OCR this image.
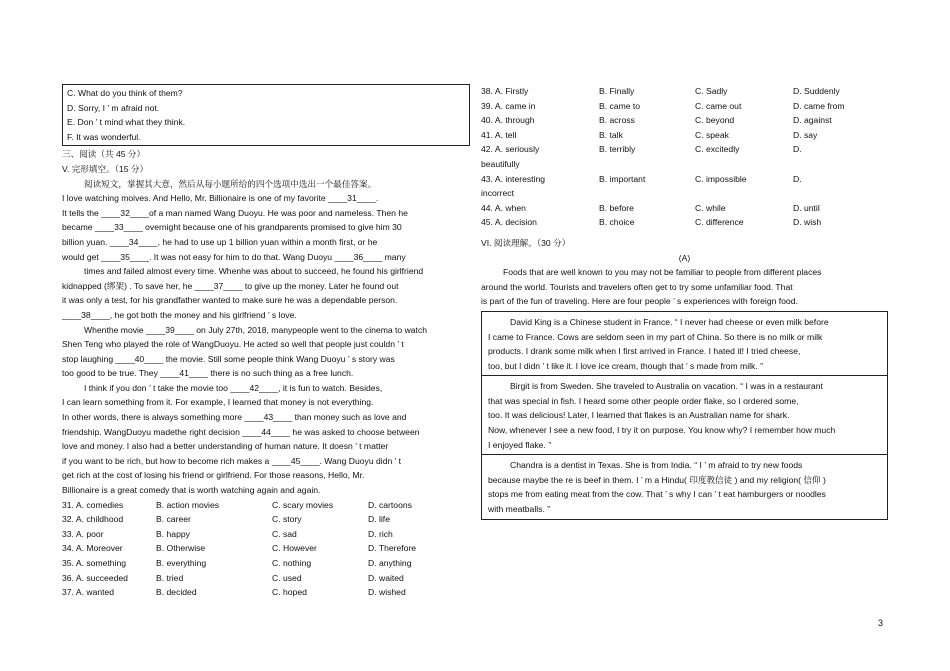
C. What do you think of them?
D. Sorry, I ’ m afraid not.
E. Don ’ t mind what they think.
F. It was wonderful.
三、阅读（共 45 分）
V. 完形填空。（15 分）
阅读短文，掌握其大意，然后从每小题所给的四个选项中选出一个最佳答案。
I love watching moives. And Hello, Mr. Billionaire is one of my favorite ____31____.
It tells the ____32____of a man named Wang Duoyu. He was poor and nameless. Then he
became ____33____ overnight because one of his grandparents promised to give him 30
billion yuan. ____34____, he had to use up 1 billion yuan within a month first, or he
would get ____35____. It was not easy for him to do that. Wang Duoyu ____36____ many
times and failed almost every time. Whenhe was about to succeed, he found his girlfriend
kidnapped (绑架) . To save her, he ____37____ to give up the money. Later he found out
it was only a test, for his grandfather wanted to make sure he was a dependable person.
____38____, he got both the money and his girlfriend ’ s love.
Whenthe movie ____39____ on July 27th, 2018, manypeople went to the cinema to watch
Shen Teng who played the role of WangDuoyu. He acted so well that people just couldn ’ t
stop laughing ____40____ the movie. Still some people think Wang Duoyu ’ s story was
too good to be true. They ____41____ there is no such thing as a free lunch.
I think if you don ’ t take the movie too ____42____, it is fun to watch. Besides,
I can learn something from it. For example, I learned that money is not everything.
In other words, there is always something more ____43____ than money such as love and
friendship. WangDuoyu madethe right decision ____44____ he was asked to choose between
love and money. I also had a better understanding of human nature. It doesn ’ t matter
if you want to be rich, but how to become rich makes a ____45____. Wang Duoyu didn ’ t
get rich at the cost of losing his friend or girlfriend. For those reasons, Hello, Mr.
Billionaire is a great comedy that is worth watching again and again.
31. A. comedies	B. action movies	C. scary movies	D. cartoons
32. A. childhood	B. career	C. story	D. life
33. A. poor	B. happy	C. sad	D. rich
34. A. Moreover	B. Otherwise	C. However	D. Therefore
35. A. something	B. everything	C. nothing	D. anything
36. A. succeeded	B. tried	C. used	D. waited
37. A. wanted	B. decided	C. hoped	D. wished
38. A. Firstly	B. Finally	C. Sadly	D. Suddenly
39. A. came in	B. came to	C. came out	D. came from
40. A. through	B. across	C. beyond	D. against
41. A. tell	B. talk	C. speak	D. say
42. A. seriously	B. terribly	C. excitedly	D.
beautifully
43. A. interesting	B. important	C. impossible	D.
incorrect
44. A. when	B. before	C. while	D. until
45. A. decision	B. choice	C. difference	D. wish
VI. 阅读理解。（30 分）
(A)
Foods that are well known to you may not be familiar to people from different places
around the world. Tourists and travelers often get to try some unfamiliar food. That
is part of the fun of traveling. Here are four people ’ s experiences with foreign food.
David King is a Chinese student in France. “ I never had cheese or even milk before
I came to France. Cows are seldom seen in my part of China. So there is no milk or milk
products. I drank some milk when I first arrived in France. I hated it! I tried cheese,
too, but I didn ’ t like it. I love ice cream, though that ’ s made from milk. ”
Birgit is from Sweden. She traveled to Australia on vacation. “ I was in a restaurant
that was special in fish. I heard some other people order flake, so I ordered some,
too. It was delicious! Later, I learned that flakes is an Australian name for shark.
Now, whenever I see a new food, I try it on purpose. You know why? I remember how much
I enjoyed flake. ”
Chandra is a dentist in Texas. She is from India. “ I ’ m afraid to try new foods
because maybe the re is beef in them. I ’ m a Hindu( 印度教信徒 ) and my religion( 信仰 )
stops me from eating meat from the cow. That ’ s why I can ’ t eat hamburgers or noodles
with meatballs. ”
3
